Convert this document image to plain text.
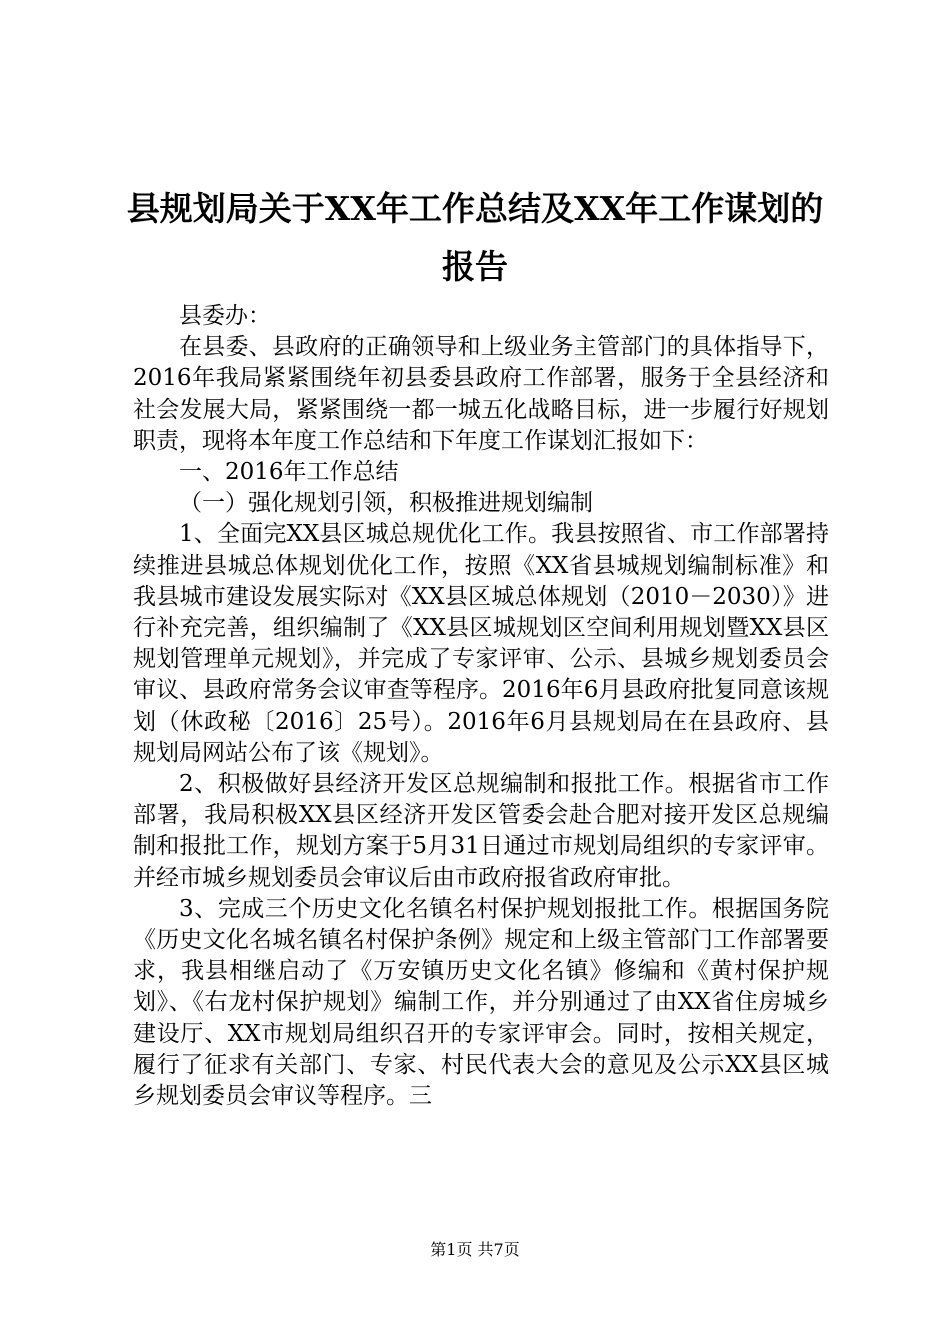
县规划局关于XX年工作总结及XX年工作谋划的报告

县委办：

在县委、县政府的正确领导和上级业务主管部门的具体指导下，2016年我局紧紧围绕年初县委县政府工作部署，服务于全县经济和社会发展大局，紧紧围绕一都一城五化战略目标，进一步履行好规划职责，现将本年度工作总结和下年度工作谋划汇报如下：

一、2016年工作总结

（一）强化规划引领，积极推进规划编制

1、全面完XX县区城总规优化工作。我县按照省、市工作部署持续推进县城总体规划优化工作，按照《XX省县城规划编制标准》和我县城市建设发展实际对《XX县区城总体规划（2010－2030）》进行补充完善，组织编制了《XX县区城规划区空间利用规划暨XX县区规划管理单元规划》，并完成了专家评审、公示、县城乡规划委员会审议、县政府常务会议审查等程序。2016年6月县政府批复同意该规划（休政秘〔2016〕25号）。2016年6月县规划局在在县政府、县规划局网站公布了该《规划》。

2、积极做好县经济开发区总规编制和报批工作。根据省市工作部署，我局积极XX县区经济开发区管委会赴合肥对接开发区总规编制和报批工作，规划方案于5月31日通过市规划局组织的专家评审。并经市城乡规划委员会审议后由市政府报省政府审批。

3、完成三个历史文化名镇名村保护规划报批工作。根据国务院《历史文化名城名镇名村保护条例》规定和上级主管部门工作部署要求，我县相继启动了《万安镇历史文化名镇》修编和《黄村保护规划》、《右龙村保护规划》编制工作，并分别通过了由XX省住房城乡建设厅、XX市规划局组织召开的专家评审会。同时，按相关规定，履行了征求有关部门、专家、村民代表大会的意见及公示XX县区城乡规划委员会审议等程序。三

第1页 共7页
